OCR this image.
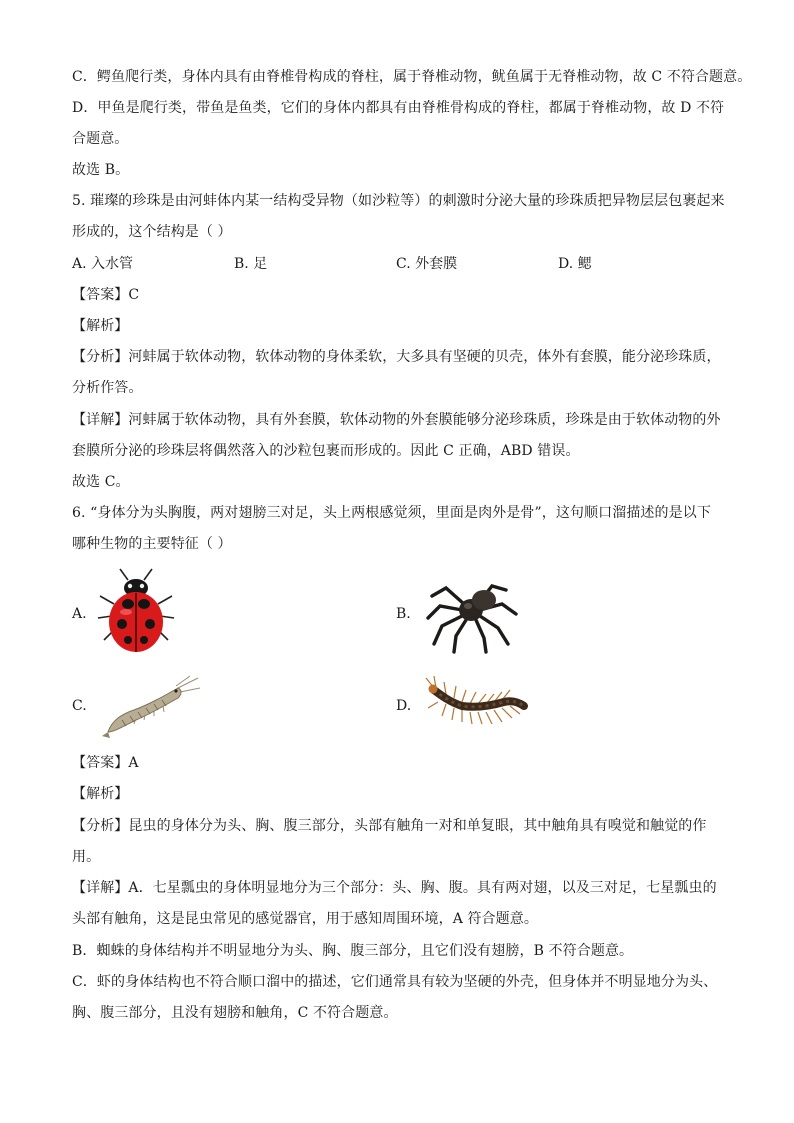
C．鳄鱼爬行类，身体内具有由脊椎骨构成的脊柱，属于脊椎动物，鱿鱼属于无脊椎动物，故 C 不符合题意。
D．甲鱼是爬行类，带鱼是鱼类，它们的身体内都具有由脊椎骨构成的脊柱，都属于脊椎动物，故 D 不符
合题意。
故选 B。
5. 璀璨的珍珠是由河蚌体内某一结构受异物（如沙粒等）的刺激时分泌大量的珍珠质把异物层层包裹起来
形成的，这个结构是（ ）
A. 入水管	B. 足	C. 外套膜	D. 鳃
【答案】C
【解析】
【分析】河蚌属于软体动物，软体动物的身体柔软，大多具有坚硬的贝壳，体外有套膜，能分泌珍珠质，
分析作答。
【详解】河蚌属于软体动物，具有外套膜，软体动物的外套膜能够分泌珍珠质，珍珠是由于软体动物的外
套膜所分泌的珍珠层将偶然落入的沙粒包裹而形成的。因此 C 正确，ABD 错误。
故选 C。
6. “身体分为头胸腹，两对翅膀三对足，头上两根感觉须，里面是肉外是骨”，这句顺口溜描述的是以下
哪种生物的主要特征（ ）
A.	B.
C.	D.
【答案】A
【解析】
【分析】昆虫的身体分为头、胸、腹三部分，头部有触角一对和单复眼，其中触角具有嗅觉和触觉的作
用。
【详解】A．七星瓢虫的身体明显地分为三个部分：头、胸、腹。具有两对翅，以及三对足，七星瓢虫的
头部有触角，这是昆虫常见的感觉器官，用于感知周围环境，A 符合题意。
B．蜘蛛的身体结构并不明显地分为头、胸、腹三部分，且它们没有翅膀，B 不符合题意。
C．虾的身体结构也不符合顺口溜中的描述，它们通常具有较为坚硬的外壳，但身体并不明显地分为头、
胸、腹三部分，且没有翅膀和触角，C 不符合题意。
